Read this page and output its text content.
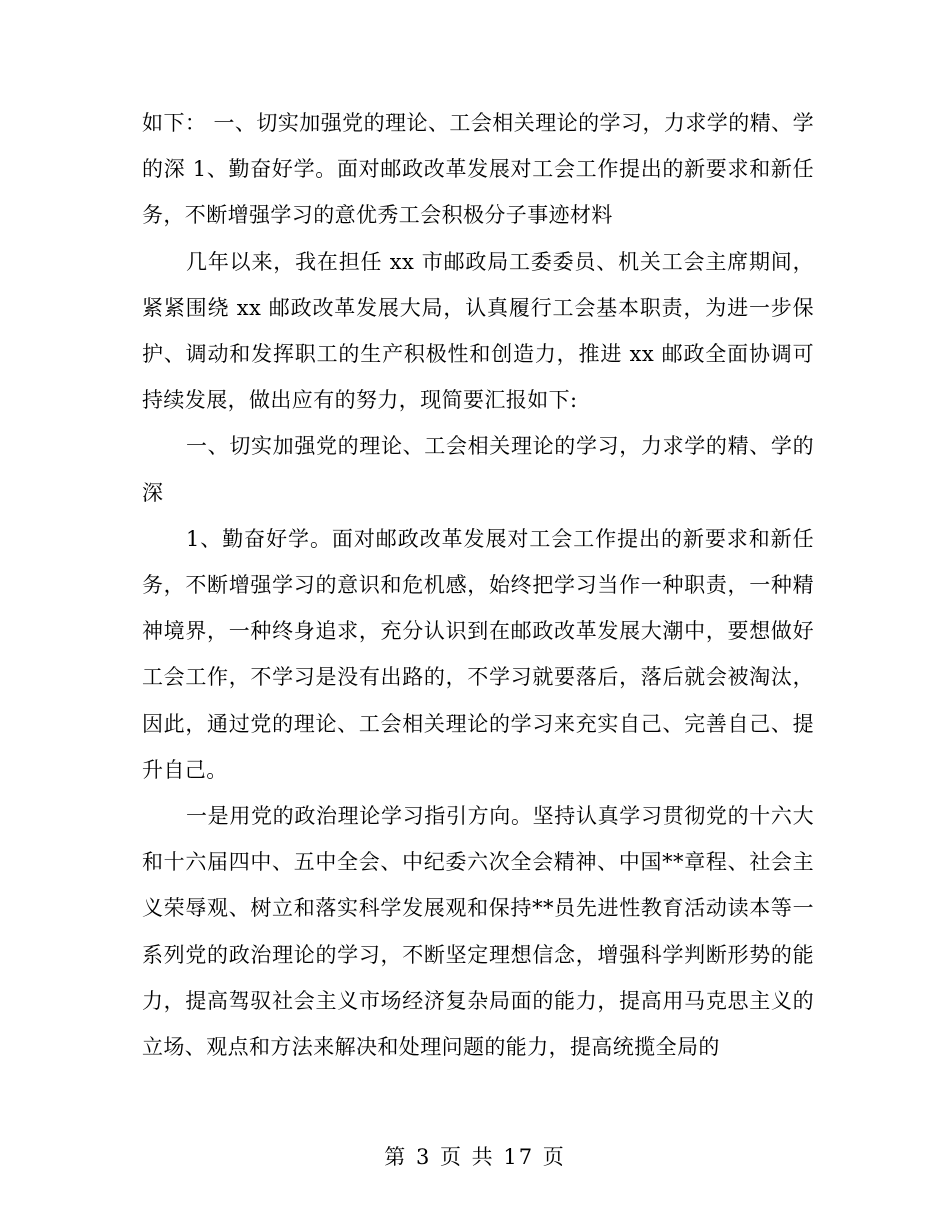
如下： 一、切实加强党的理论、工会相关理论的学习，力求学的精、学的深 1、勤奋好学。面对邮政改革发展对工会工作提出的新要求和新任务，不断增强学习的意优秀工会积极分子事迹材料

几年以来，我在担任 xx 市邮政局工委委员、机关工会主席期间，紧紧围绕 xx 邮政改革发展大局，认真履行工会基本职责，为进一步保护、调动和发挥职工的生产积极性和创造力，推进 xx 邮政全面协调可持续发展，做出应有的努力，现简要汇报如下:

一、切实加强党的理论、工会相关理论的学习，力求学的精、学的深

1、勤奋好学。面对邮政改革发展对工会工作提出的新要求和新任务，不断增强学习的意识和危机感，始终把学习当作一种职责，一种精神境界，一种终身追求，充分认识到在邮政改革发展大潮中，要想做好工会工作，不学习是没有出路的，不学习就要落后，落后就会被淘汰，因此，通过党的理论、工会相关理论的学习来充实自己、完善自己、提升自己。

一是用党的政治理论学习指引方向。坚持认真学习贯彻党的十六大和十六届四中、五中全会、中纪委六次全会精神、中国**章程、社会主义荣辱观、树立和落实科学发展观和保持**员先进性教育活动读本等一系列党的政治理论的学习，不断坚定理想信念，增强科学判断形势的能力，提高驾驭社会主义市场经济复杂局面的能力，提高用马克思主义的立场、观点和方法来解决和处理问题的能力，提高统揽全局的

第 3 页 共 17 页
